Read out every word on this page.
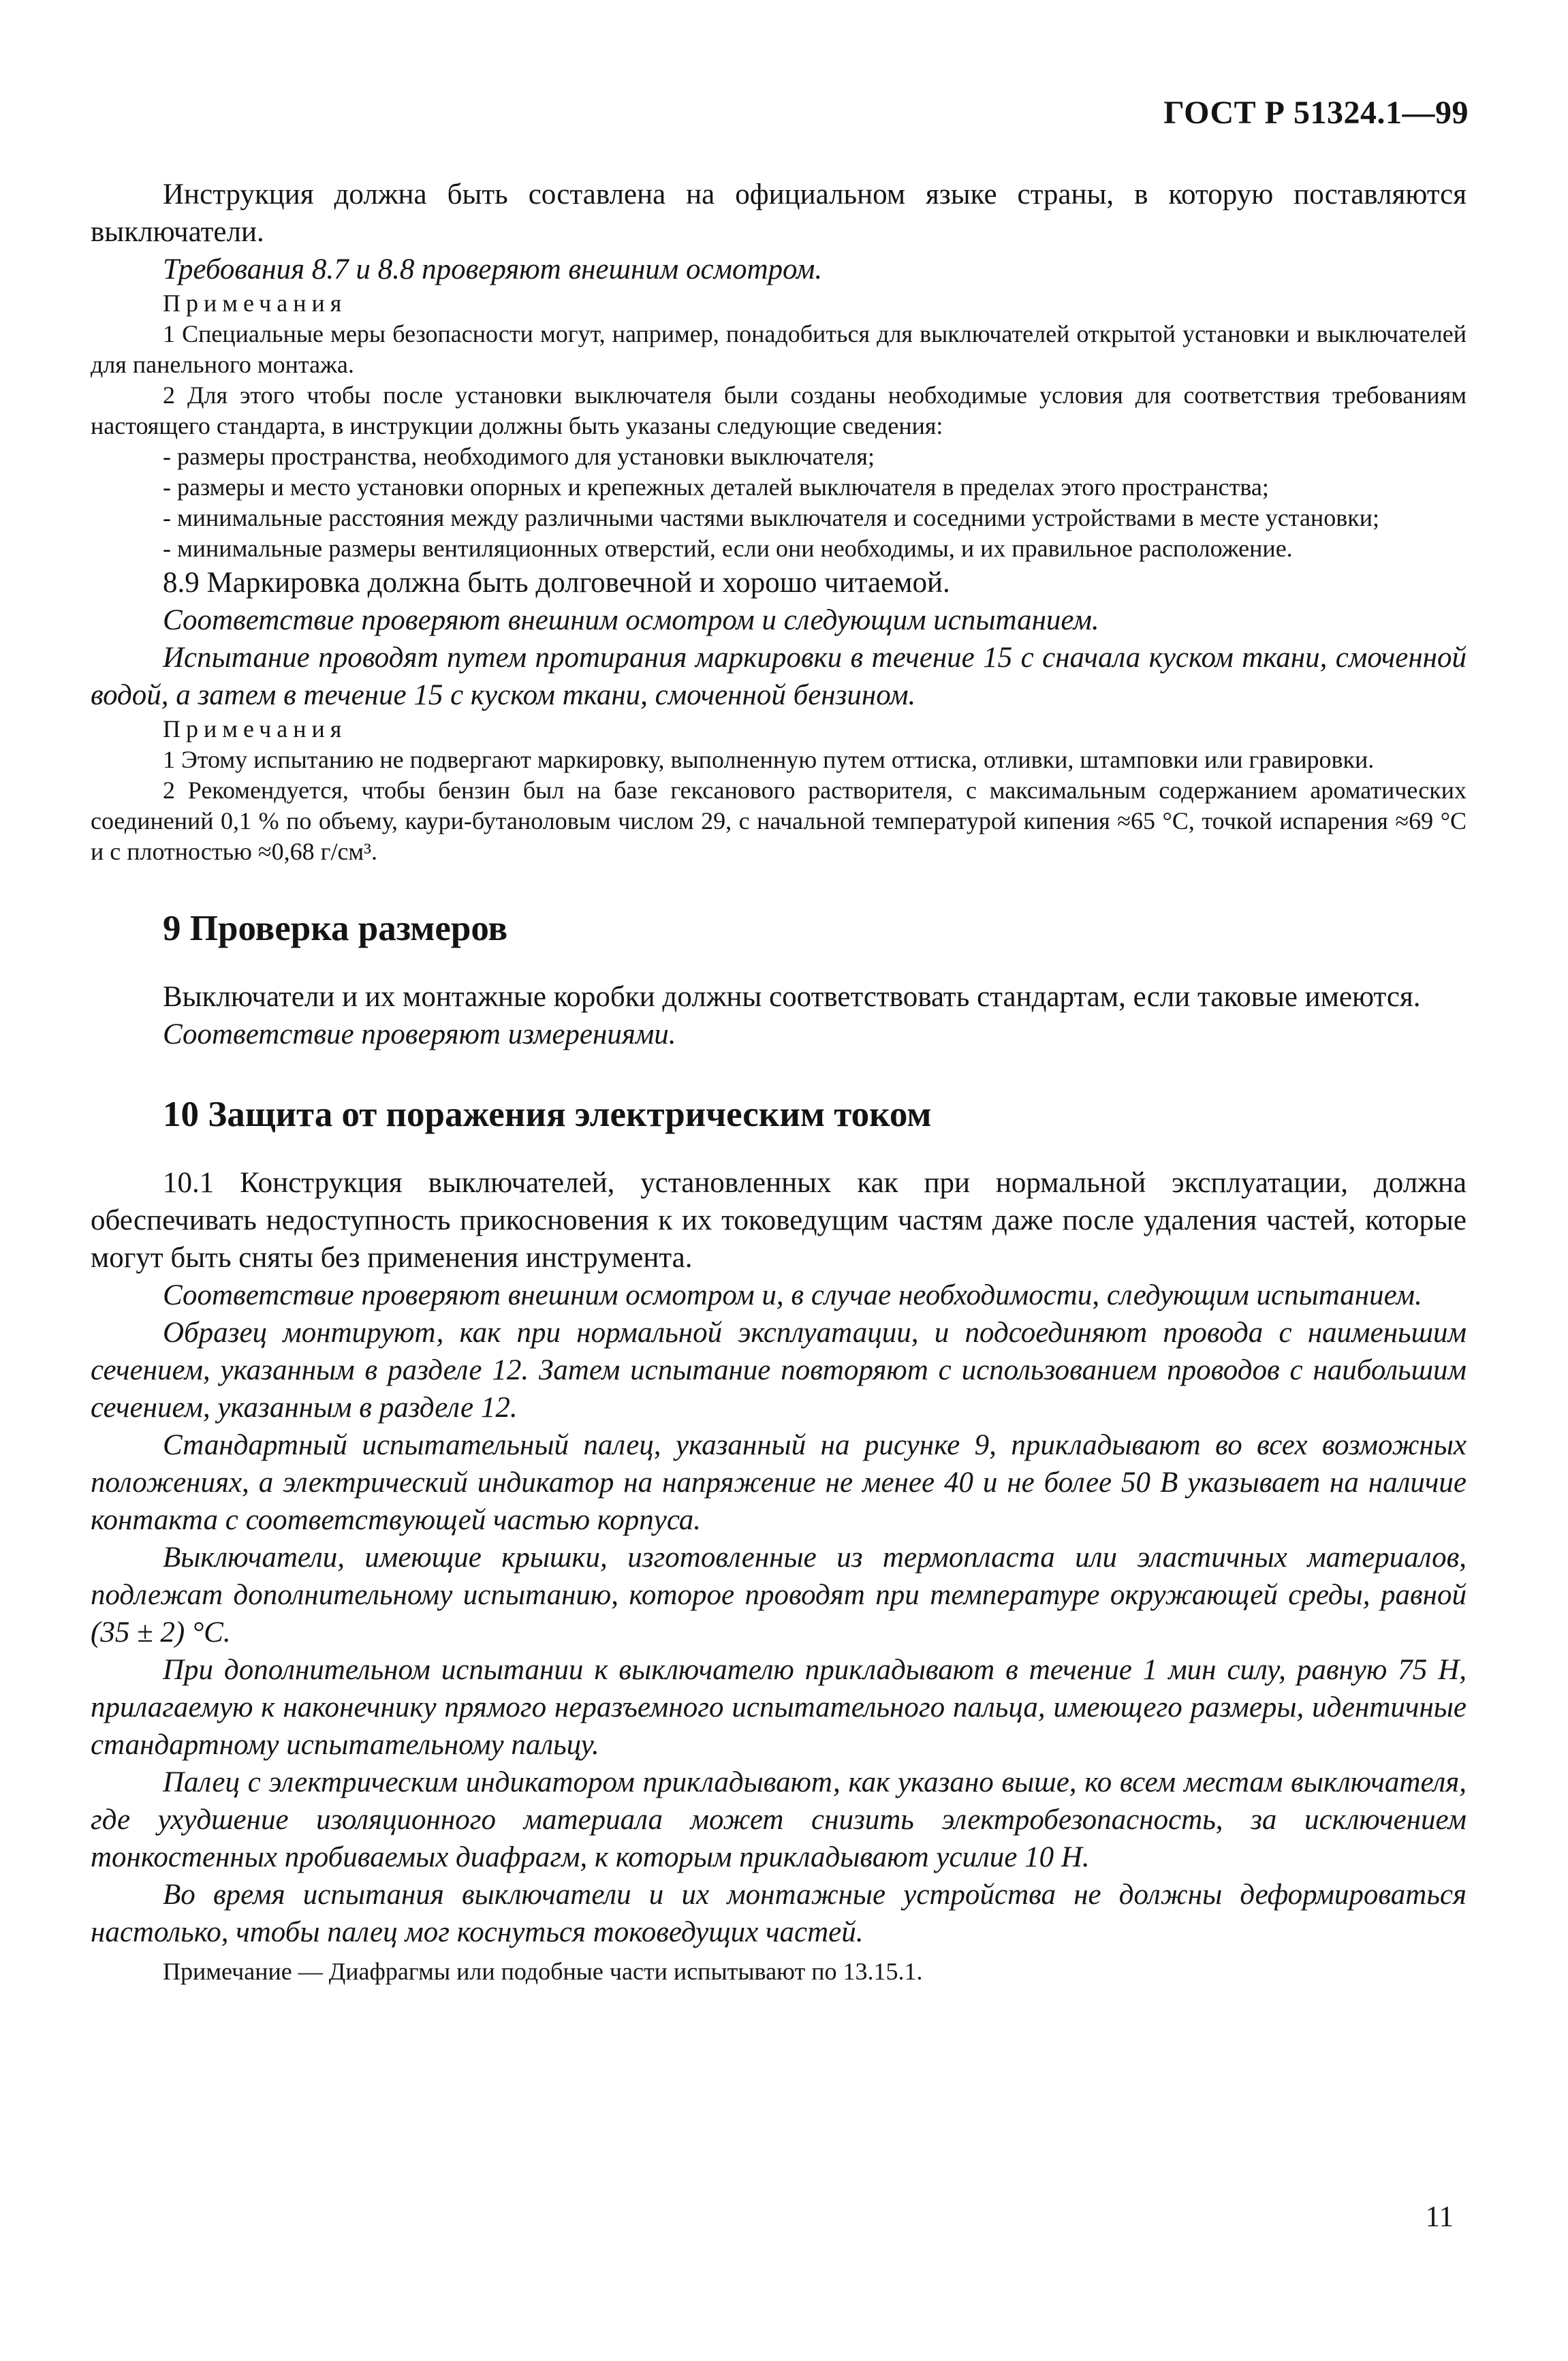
ГОСТ Р 51324.1—99
Инструкция должна быть составлена на официальном языке страны, в которую поставляются выключатели.
Требования 8.7 и 8.8 проверяют внешним осмотром.
Примечания
1 Специальные меры безопасности могут, например, понадобиться для выключателей открытой установки и выключателей для панельного монтажа.
2 Для этого чтобы после установки выключателя были созданы необходимые условия для соответствия требованиям настоящего стандарта, в инструкции должны быть указаны следующие сведения:
- размеры пространства, необходимого для установки выключателя;
- размеры и место установки опорных и крепежных деталей выключателя в пределах этого пространства;
- минимальные расстояния между различными частями выключателя и соседними устройствами в месте установки;
- минимальные размеры вентиляционных отверстий, если они необходимы, и их правильное расположение.
8.9 Маркировка должна быть долговечной и хорошо читаемой.
Соответствие проверяют внешним осмотром и следующим испытанием.
Испытание проводят путем протирания маркировки в течение 15 с сначала куском ткани, смоченной водой, а затем в течение 15 с куском ткани, смоченной бензином.
Примечания
1 Этому испытанию не подвергают маркировку, выполненную путем оттиска, отливки, штамповки или гравировки.
2 Рекомендуется, чтобы бензин был на базе гексанового растворителя, с максимальным содержанием ароматических соединений 0,1 % по объему, каури-бутаноловым числом 29, с начальной температурой кипения ≈65 °С, точкой испарения ≈69 °С и с плотностью ≈0,68 г/см³.
9 Проверка размеров
Выключатели и их монтажные коробки должны соответствовать стандартам, если таковые имеются.
Соответствие проверяют измерениями.
10 Защита от поражения электрическим током
10.1 Конструкция выключателей, установленных как при нормальной эксплуатации, должна обеспечивать недоступность прикосновения к их токоведущим частям даже после удаления частей, которые могут быть сняты без применения инструмента.
Соответствие проверяют внешним осмотром и, в случае необходимости, следующим испытанием.
Образец монтируют, как при нормальной эксплуатации, и подсоединяют провода с наименьшим сечением, указанным в разделе 12. Затем испытание повторяют с использованием проводов с наибольшим сечением, указанным в разделе 12.
Стандартный испытательный палец, указанный на рисунке 9, прикладывают во всех возможных положениях, а электрический индикатор на напряжение не менее 40 и не более 50 В указывает на наличие контакта с соответствующей частью корпуса.
Выключатели, имеющие крышки, изготовленные из термопласта или эластичных материалов, подлежат дополнительному испытанию, которое проводят при температуре окружающей среды, равной (35 ± 2) °С.
При дополнительном испытании к выключателю прикладывают в течение 1 мин силу, равную 75 Н, прилагаемую к наконечнику прямого неразъемного испытательного пальца, имеющего размеры, идентичные стандартному испытательному пальцу.
Палец с электрическим индикатором прикладывают, как указано выше, ко всем местам выключателя, где ухудшение изоляционного материала может снизить электробезопасность, за исключением тонкостенных пробиваемых диафрагм, к которым прикладывают усилие 10 Н.
Во время испытания выключатели и их монтажные устройства не должны деформироваться настолько, чтобы палец мог коснуться токоведущих частей.
Примечание — Диафрагмы или подобные части испытывают по 13.15.1.
11
